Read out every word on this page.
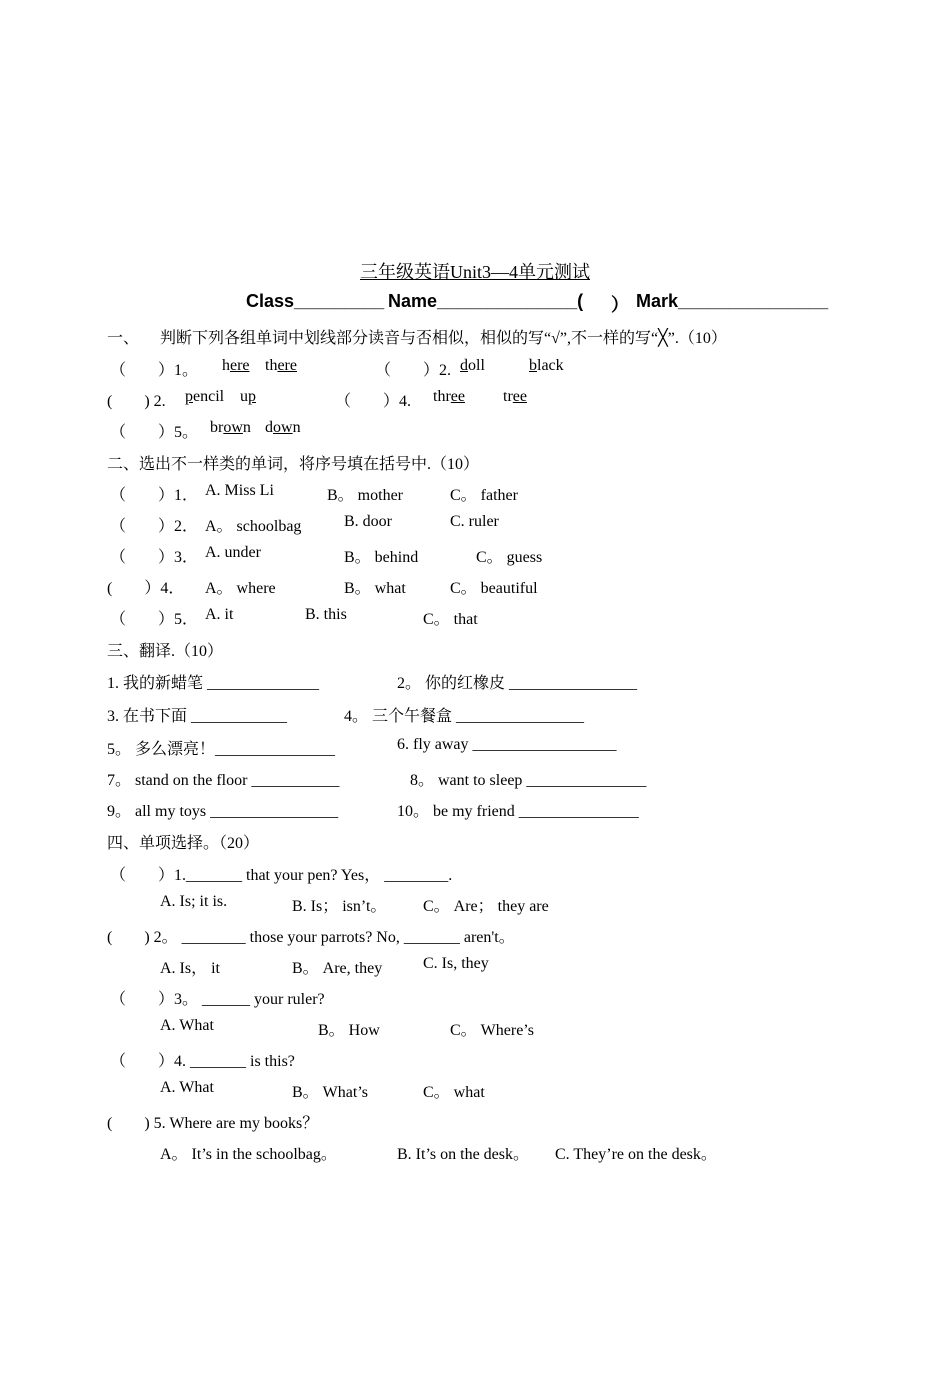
三年级英语Unit3—4单元测试
Class_________ Name______________( ） Mark_______________
一、 判断下列各组单词中划线部分读音与否相似，相似的写“√”,不一样的写“╳”.（10）
（　　）1。 here there	（　　）2. doll	black
(　　) 2. pencil up	（　　）4. three tree
（　　）5。 brown down
二、选出不一样类的单词，将序号填在括号中.（10）
（　　）1． A. Miss Li	B。 mother	C。 father
（　　）2． A。 schoolbag	B. door	C. ruler
（　　）3． A. under	B。 behind	C。 guess
(　　）4． A。 where	B。 what	C。 beautiful
（　　）5． A. it	B. this	C。 that
三、翻译.（10）
1. 我的新蜡笔 ______________	2。 你的红橡皮 ________________
3. 在书下面 ____________	4。 三个午餐盒 ________________
5。 多么漂亮！_______________	6. fly away __________________
7。 stand on the floor ___________	8。 want to sleep _______________
9。 all my toys ________________	10。 be my friend _______________
四、单项选择。（20）
（　　）1._______ that your pen? Yes， ________.
A. Is; it is.	B. Is； isn’t。 C。 Are； they are
(　　) 2。 ________ those your parrots? No, _______ aren't。
A. Is， it	B。 Are, they	C. Is, they
（　　）3。 ______ your ruler?
A. What	B。 How	C。 Where’s
（　　）4. _______ is this?
A. What	B。 What’s	C。 what
(　　) 5. Where are my books？
A。 It’s in the schoolbag。	B. It’s on the desk。 C. They’re on the desk。
